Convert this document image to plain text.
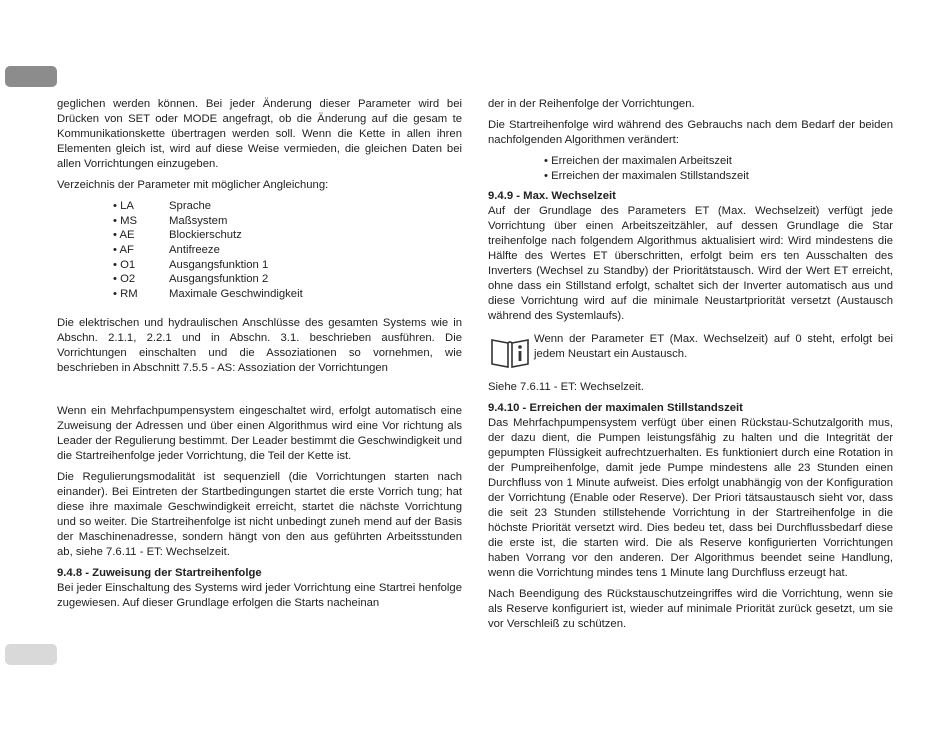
geglichen werden können. Bei jeder Änderung dieser Parameter wird bei Drücken von SET oder MODE angefragt, ob die Änderung auf die gesam te Kommunikationskette übertragen werden soll. Wenn die Kette in allen ihren Elementen gleich ist, wird auf diese Weise vermieden, die gleichen Daten bei allen Vorrichtungen einzugeben.

Verzeichnis der Parameter mit möglicher Angleichung:

• LA	Sprache
• MS	Maßsystem
• AE	Blockierschutz
• AF	Antifreeze
• O1	Ausgangsfunktion 1
• O2	Ausgangsfunktion 2
• RM	Maximale Geschwindigkeit

Die elektrischen und hydraulischen Anschlüsse des gesamten Systems wie in Abschn. 2.1.1, 2.2.1 und in Abschn. 3.1. beschrieben ausführen. Die Vorrichtungen einschalten und die Assoziationen so vornehmen, wie beschrieben in Abschnitt 7.5.5 - AS: Assoziation der Vorrichtungen

Wenn ein Mehrfachpumpensystem eingeschaltet wird, erfolgt automatisch eine Zuweisung der Adressen und über einen Algorithmus wird eine Vor richtung als Leader der Regulierung bestimmt. Der Leader bestimmt die Geschwindigkeit und die Startreihenfolge jeder Vorrichtung, die Teil der Kette ist.

Die Regulierungsmodalität ist sequenziell (die Vorrichtungen starten nach einander). Bei Eintreten der Startbedingungen startet die erste Vorrich tung; hat diese ihre maximale Geschwindigkeit erreicht, startet die nächste Vorrichtung und so weiter. Die Startreihenfolge ist nicht unbedingt zuneh mend auf der Basis der Maschinenadresse, sondern hängt von den aus geführten Arbeitsstunden ab, siehe 7.6.11 - ET: Wechselzeit.

9.4.8 - Zuweisung der Startreihenfolge

Bei jeder Einschaltung des Systems wird jeder Vorrichtung eine Startrei henfolge zugewiesen. Auf dieser Grundlage erfolgen die Starts nacheinan

der in der Reihenfolge der Vorrichtungen.

Die Startreihenfolge wird während des Gebrauchs nach dem Bedarf der beiden nachfolgenden Algorithmen verändert:

• Erreichen der maximalen Arbeitszeit
• Erreichen der maximalen Stillstandszeit
9.4.9 - Max. Wechselzeit

Auf der Grundlage des Parameters ET (Max. Wechselzeit) verfügt jede Vorrichtung über einen Arbeitszeitzähler, auf dessen Grundlage die Star treihenfolge nach folgendem Algorithmus aktualisiert wird: Wird mindestens die Hälfte des Wertes ET überschritten, erfolgt beim ers ten Ausschalten des Inverters (Wechsel zu Standby) der Prioritätstausch. Wird der Wert ET erreicht, ohne dass ein Stillstand erfolgt, schaltet sich der Inverter automatisch aus und diese Vorrichtung wird auf die minimale Neustartpriorität versetzt (Austausch während des Systemlaufs).

Wenn der Parameter ET (Max. Wechselzeit) auf 0 steht, erfolgt bei jedem Neustart ein Austausch.

Siehe 7.6.11 - ET: Wechselzeit.

9.4.10 - Erreichen der maximalen Stillstandszeit

Das Mehrfachpumpensystem verfügt über einen Rückstau-Schutzalgorith mus, der dazu dient, die Pumpen leistungsfähig zu halten und die Integrität der gepumpten Flüssigkeit aufrechtzuerhalten. Es funktioniert durch eine Rotation in der Pumpreihenfolge, damit jede Pumpe mindestens alle 23 Stunden einen Durchfluss von 1 Minute aufweist. Dies erfolgt unabhängig von der Konfiguration der Vorrichtung (Enable oder Reserve). Der Priori tätsaustausch sieht vor, dass die seit 23 Stunden stillstehende Vorrichtung in der Startreihenfolge in die höchste Priorität versetzt wird. Dies bedeu tet, dass bei Durchflussbedarf diese die erste ist, die starten wird. Die als Reserve konfigurierten Vorrichtungen haben Vorrang vor den anderen. Der Algorithmus beendet seine Handlung, wenn die Vorrichtung mindes tens 1 Minute lang Durchfluss erzeugt hat.

Nach Beendigung des Rückstauschutzeingriffes wird die Vorrichtung, wenn sie als Reserve konfiguriert ist, wieder auf minimale Priorität zurück gesetzt, um sie vor Verschleiß zu schützen.
